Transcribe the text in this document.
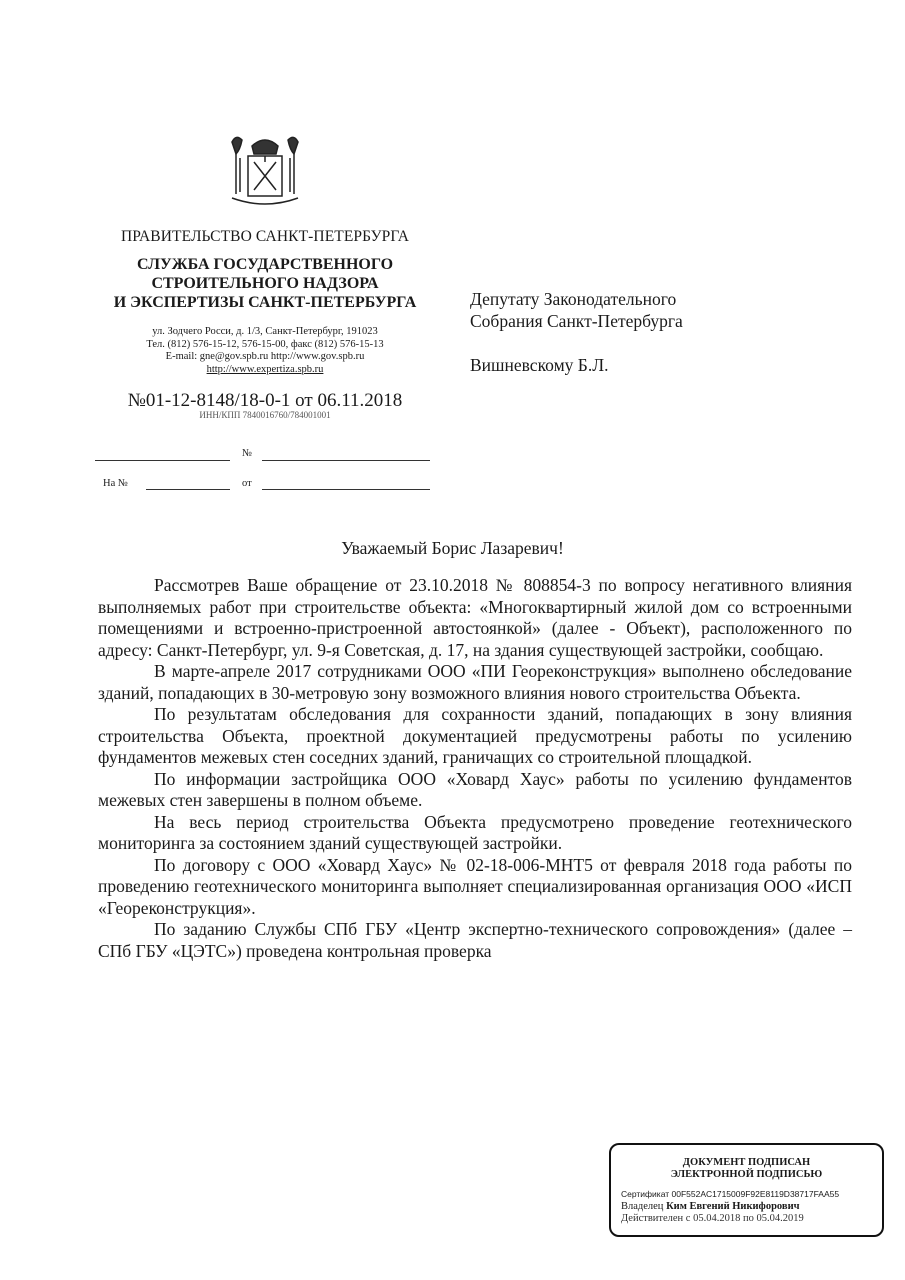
ПРАВИТЕЛЬСТВО САНКТ-ПЕТЕРБУРГА
СЛУЖБА ГОСУДАРСТВЕННОГО
СТРОИТЕЛЬНОГО НАДЗОРА
И ЭКСПЕРТИЗЫ САНКТ-ПЕТЕРБУРГА
ул. Зодчего Росси, д. 1/3, Санкт-Петербург, 191023
Тел. (812) 576-15-12, 576-15-00, факс (812) 576-15-13
E-mail: gne@gov.spb.ru http://www.gov.spb.ru
http://www.expertiza.spb.ru
№01-12-8148/18-0-1 от 06.11.2018
ИНН/КПП 7840016760/784001001
№
На №	от
Депутату Законодательного
Собрания Санкт-Петербурга
Вишневскому Б.Л.
Уважаемый Борис Лазаревич!

Рассмотрев Ваше обращение от 23.10.2018 № 808854-3 по вопросу негативного влияния выполняемых работ при строительстве объекта: «Многоквартирный жилой дом со встроенными помещениями и встроенно-пристроенной автостоянкой» (далее - Объект), расположенного по адресу: Санкт-Петербург, ул. 9-я Советская, д. 17, на здания существующей застройки, сообщаю.

В марте-апреле 2017 сотрудниками ООО «ПИ Геореконструкция» выполнено обследование зданий, попадающих в 30-метровую зону возможного влияния нового строительства Объекта.

По результатам обследования для сохранности зданий, попадающих в зону влияния строительства Объекта, проектной документацией предусмотрены работы по усилению фундаментов межевых стен соседних зданий, граничащих со строительной площадкой.

По информации застройщика ООО «Ховард Хаус» работы по усилению фундаментов межевых стен завершены в полном объеме.

На весь период строительства Объекта предусмотрено проведение геотехнического мониторинга за состоянием зданий существующей застройки.

По договору с ООО «Ховард Хаус» № 02-18-006-МНТ5 от февраля 2018 года работы по проведению геотехнического мониторинга выполняет специализированная организация ООО «ИСП «Геореконструкция».

По заданию Службы СПб ГБУ «Центр экспертно-технического сопровождения» (далее – СПб ГБУ «ЦЭТС») проведена контрольная проверка

ДОКУМЕНТ ПОДПИСАН
ЭЛЕКТРОННОЙ ПОДПИСЬЮ
Сертификат 00F552AC1715009F92E8119D38717FAA55
Владелец Ким Евгений Никифорович
Действителен с 05.04.2018 по 05.04.2019
